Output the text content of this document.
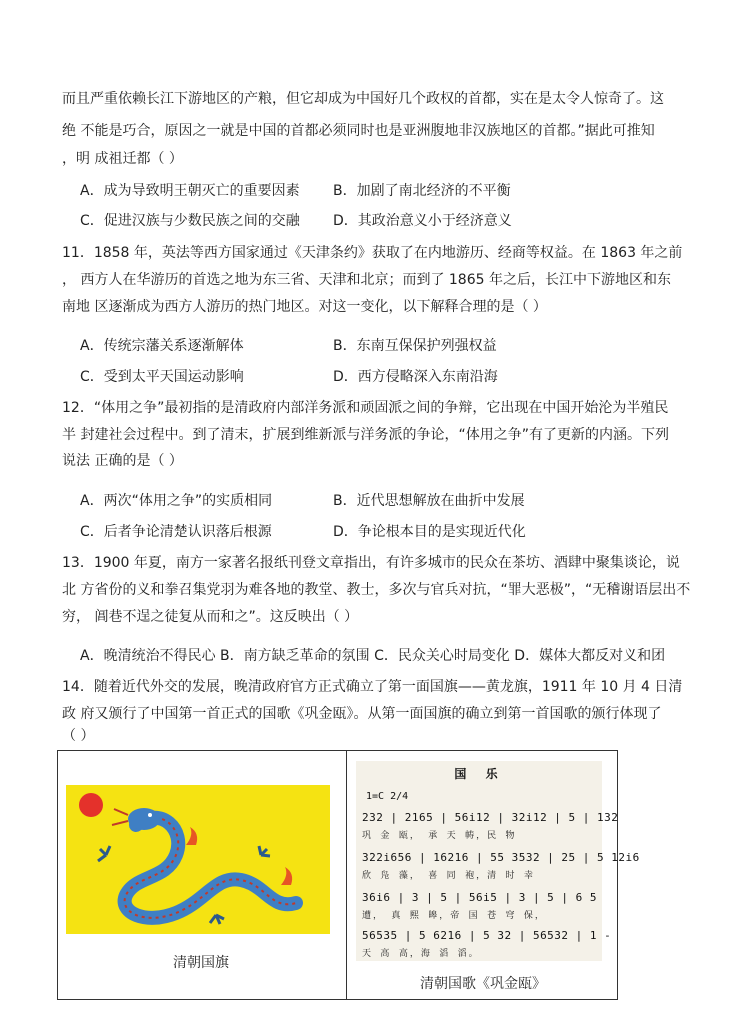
而且严重依赖长江下游地区的产粮，但它却成为中国好几个政权的首都，实在是太令人惊奇了。这
绝 不能是巧合，原因之一就是中国的首都必须同时也是亚洲腹地非汉族地区的首都。”据此可推知
，明 成祖迁都（ ）
A．成为导致明王朝灭亡的重要因素 B．加剧了南北经济的不平衡
C．促进汉族与少数民族之间的交融 D．其政治意义小于经济意义
11．1858 年，英法等西方国家通过《天津条约》获取了在内地游历、经商等权益。在 1863 年之前
， 西方人在华游历的首选之地为东三省、天津和北京；而到了 1865 年之后，长江中下游地区和东
南地 区逐渐成为西方人游历的热门地区。对这一变化，以下解释合理的是（ ）
A．传统宗藩关系逐渐解体	B．东南互保保护列强权益
C．受到太平天国运动影响	D．西方侵略深入东南沿海
12．“体用之争”最初指的是清政府内部洋务派和顽固派之间的争辩，它出现在中国开始沦为半殖民
半 封建社会过程中。到了清末，扩展到维新派与洋务派的争论，“体用之争”有了更新的内涵。下列
说法 正确的是（ ）
A．两次“体用之争”的实质相同	B．近代思想解放在曲折中发展
C．后者争论清楚认识落后根源	D．争论根本目的是实现近代化
13．1900 年夏，南方一家著名报纸刊登文章指出，有许多城市的民众在茶坊、酒肆中聚集谈论，说
北 方省份的义和拳召集党羽为难各地的教堂、教士，多次与官兵对抗，“罪大恶极”，“无稽谢语层出不
穷， 阊巷不逞之徒复从而和之”。这反映出（ ）
A．晚清统治不得民心 B．南方缺乏革命的氛围 C．民众关心时局变化 D．媒体大都反对义和团
14．随着近代外交的发展，晚清政府官方正式确立了第一面国旗——黄龙旗，1911 年 10 月 4 日清
政 府又颁行了中国第一首正式的国歌《巩金瓯》。从第一面国旗的确立到第一首国歌的颁行体现了
（ ）
清朝国旗
国 乐
1=C 2/4
232 | 2165 | 56i12 | 3̇2i12 | 5 | 132
巩 金 瓯， 承 天 帱，民 物
3̇22i656 | 16216 | 55 3532 | 25 | 5 12i6
欣 凫 藻， 喜 同 袍，清 时 幸
3̇6i6 | 3 | 5 | 56i5 | 3 | 5 | 6 5
遭， 真 熙 皞，帝 国 苍 穹 保，
56535 | 5 6216 | 5 32 | 56532 | 1 -
天 高 高，海 滔 滔。
清朝国歌《巩金瓯》
